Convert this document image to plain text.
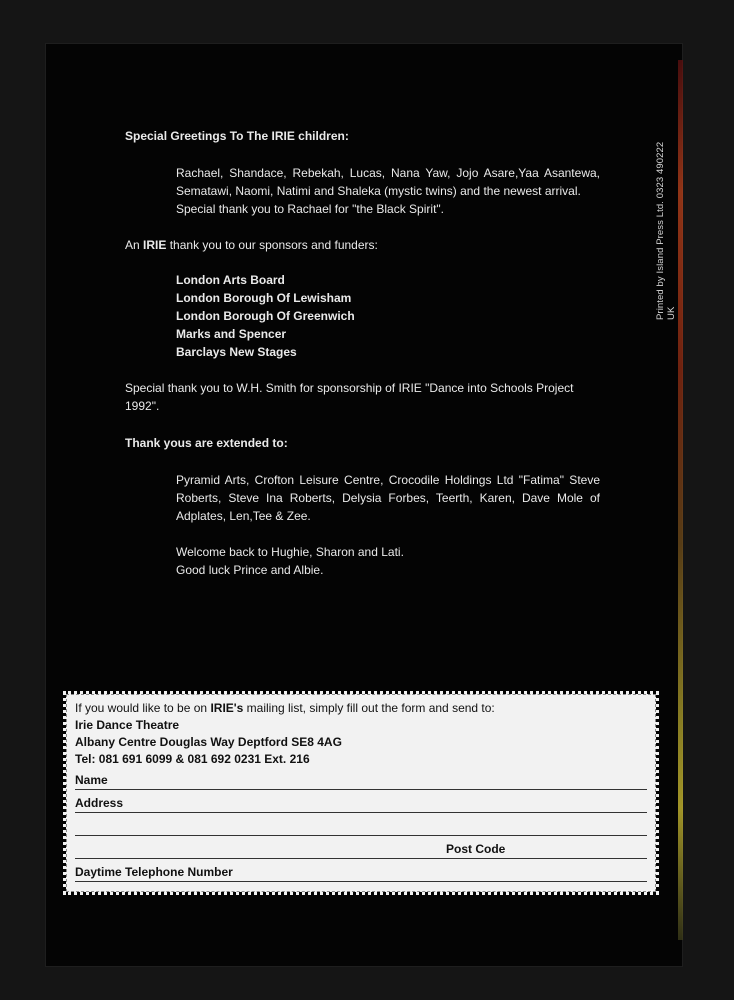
Printed by Island Press Ltd. 0323 490222 UK

Special Greetings To The IRIE children:

Rachael, Shandace, Rebekah, Lucas, Nana Yaw, Jojo Asare,Yaa Asantewa, Sematawi, Naomi, Natimi and Shaleka (mystic twins) and the newest arrival.

Special thank you to Rachael for "the Black Spirit".

An IRIE thank you to our sponsors and funders:

London Arts Board

London Borough Of Lewisham

London Borough Of Greenwich

Marks and Spencer

Barclays New Stages

Special thank you to W.H. Smith for sponsorship of IRIE "Dance into Schools Project 1992".

Thank yous are extended to:

Pyramid Arts, Crofton Leisure Centre, Crocodile Holdings Ltd "Fatima" Steve Roberts, Steve Ina Roberts, Delysia Forbes, Teerth, Karen, Dave Mole of Adplates, Len,Tee & Zee.

Welcome back to Hughie, Sharon and Lati.

Good luck Prince and Albie.

If you would like to be on IRIE's mailing list, simply fill out the form and send to:

Irie Dance Theatre

Albany Centre Douglas Way Deptford SE8 4AG

Tel: 081 691 6099 & 081 692 0231 Ext. 216

Name
Address
Post Code
Daytime Telephone Number
